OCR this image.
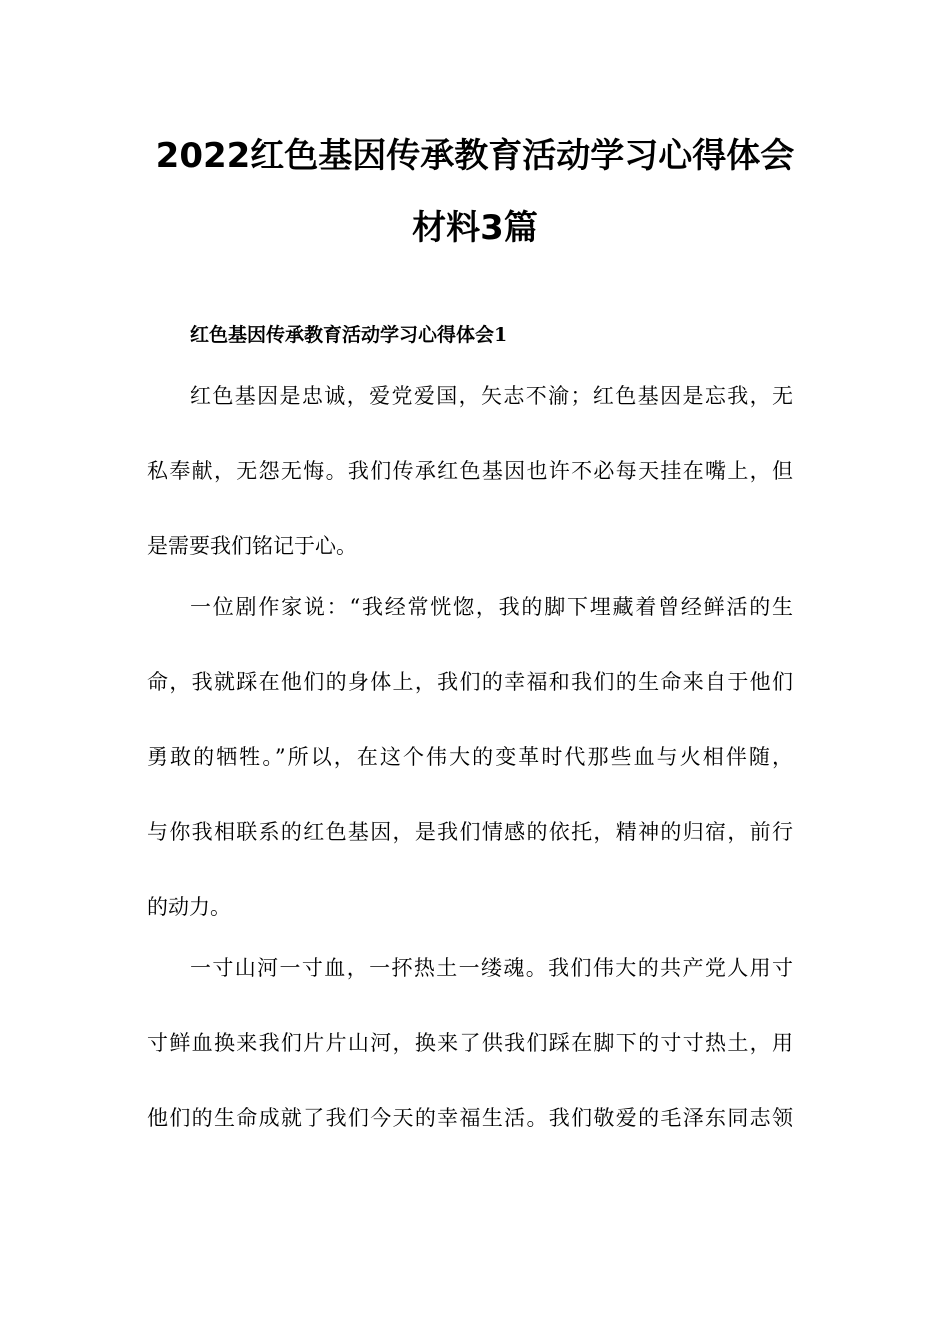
2022红色基因传承教育活动学习心得体会
材料3篇
红色基因传承教育活动学习心得体会1
红色基因是忠诚，爱党爱国，矢志不渝；红色基因是忘我，无
私奉献，无怨无悔。我们传承红色基因也许不必每天挂在嘴上，但
是需要我们铭记于心。
一位剧作家说：“我经常恍惚，我的脚下埋藏着曾经鲜活的生
命，我就踩在他们的身体上，我们的幸福和我们的生命来自于他们
勇敢的牺牲。”所以，在这个伟大的变革时代那些血与火相伴随，
与你我相联系的红色基因，是我们情感的依托，精神的归宿，前行
的动力。
一寸山河一寸血，一抔热土一缕魂。我们伟大的共产党人用寸
寸鲜血换来我们片片山河，换来了供我们踩在脚下的寸寸热土，用
他们的生命成就了我们今天的幸福生活。我们敬爱的毛泽东同志领
